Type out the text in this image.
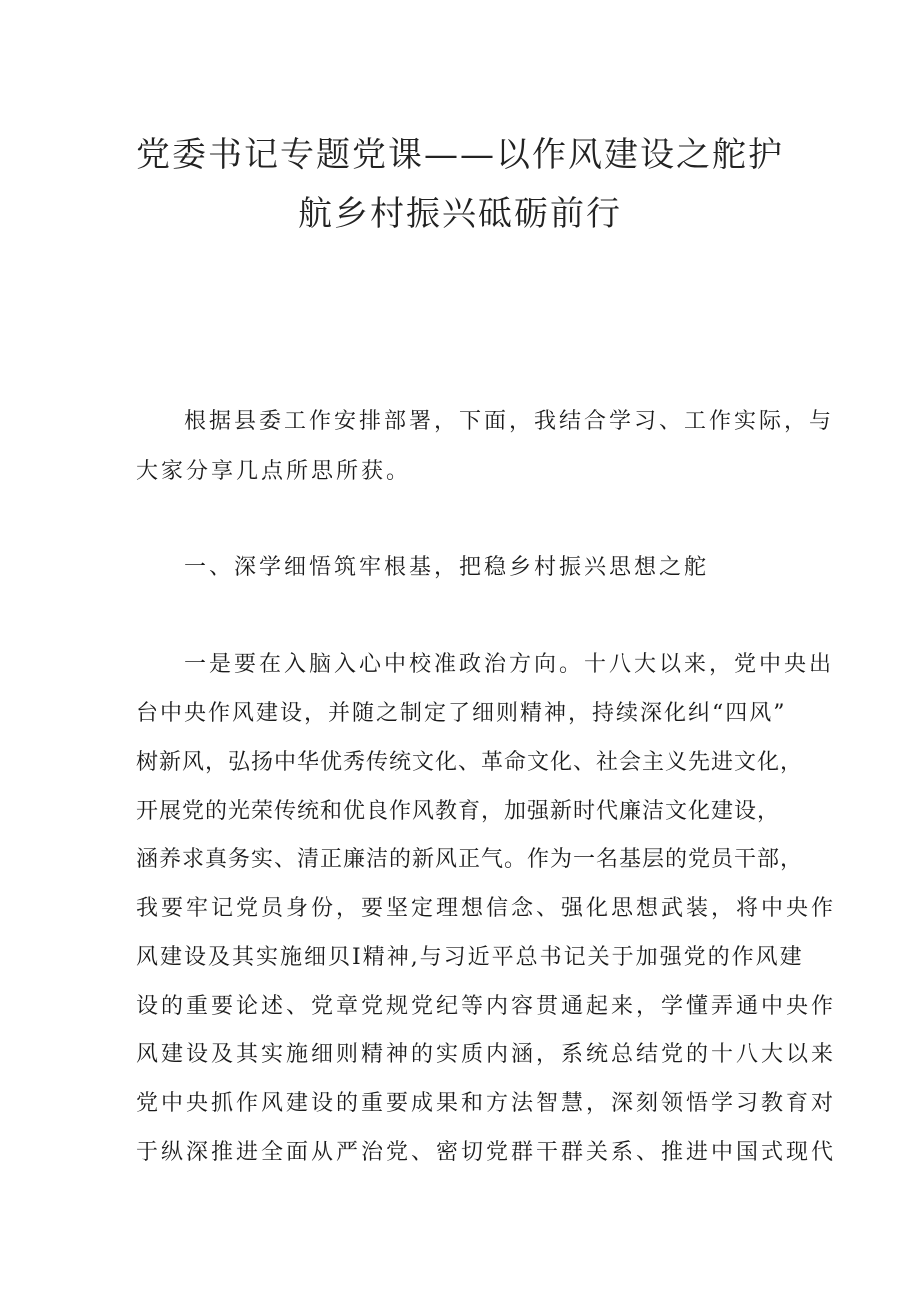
党委书记专题党课——以作风建设之舵护
航乡村振兴砥砺前行
根据县委工作安排部署，下面，我结合学习、工作实际，与
大家分享几点所思所获。
一、深学细悟筑牢根基，把稳乡村振兴思想之舵
一是要在入脑入心中校准政治方向。十八大以来，党中央出
台中央作风建设，并随之制定了细则精神，持续深化纠“四风”
树新风，弘扬中华优秀传统文化、革命文化、社会主义先进文化，
开展党的光荣传统和优良作风教育，加强新时代廉洁文化建设，
涵养求真务实、清正廉洁的新风正气。作为一名基层的党员干部，
我要牢记党员身份，要坚定理想信念、强化思想武装，将中央作
风建设及其实施细贝I精神,与习近平总书记关于加强党的作风建
设的重要论述、党章党规党纪等内容贯通起来，学懂弄通中央作
风建设及其实施细则精神的实质内涵，系统总结党的十八大以来
党中央抓作风建设的重要成果和方法智慧，深刻领悟学习教育对
于纵深推进全面从严治党、密切党群干群关系、推进中国式现代
